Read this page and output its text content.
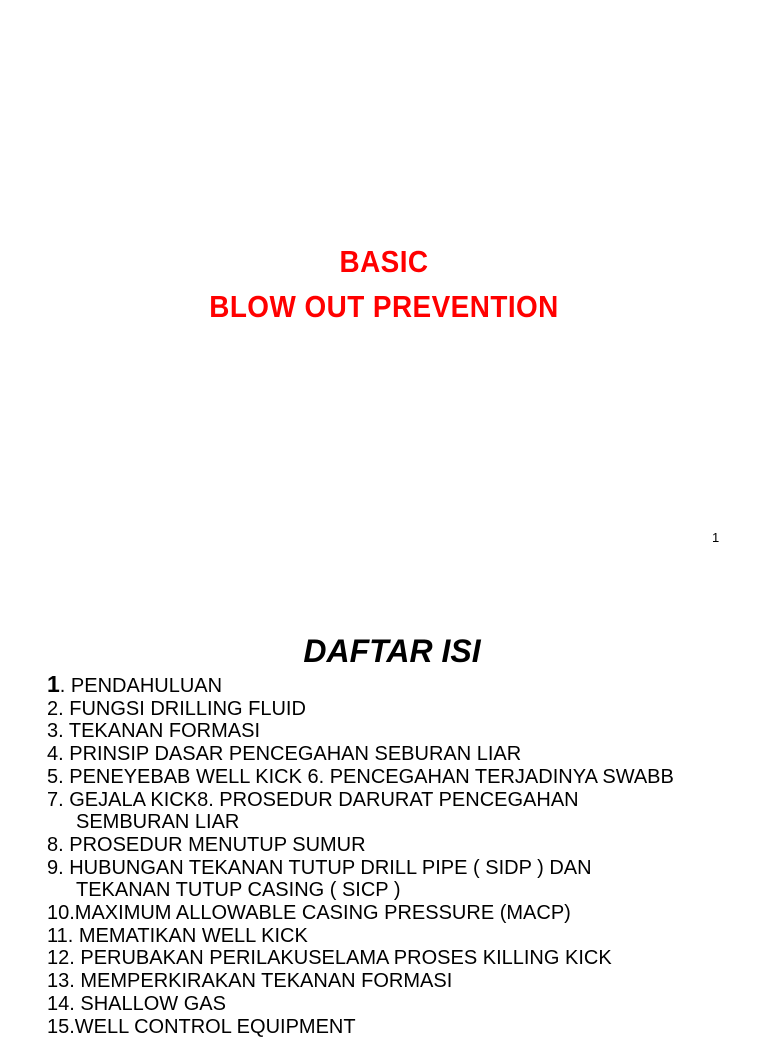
BASIC
BLOW OUT PREVENTION
1
DAFTAR ISI
1. PENDAHULUAN
2. FUNGSI DRILLING FLUID
3. TEKANAN FORMASI
4. PRINSIP DASAR PENCEGAHAN SEBURAN LIAR
5. PENEYEBAB WELL KICK 6. PENCEGAHAN TERJADINYA SWABB
7. GEJALA KICK8. PROSEDUR DARURAT PENCEGAHAN
SEMBURAN LIAR
8. PROSEDUR MENUTUP SUMUR
9. HUBUNGAN TEKANAN TUTUP DRILL PIPE ( SIDP ) DAN
TEKANAN TUTUP CASING ( SICP )
10.MAXIMUM ALLOWABLE CASING PRESSURE (MACP)
11. MEMATIKAN WELL KICK
12. PERUBAKAN PERILAKUSELAMA PROSES KILLING KICK
13. MEMPERKIRAKAN TEKANAN FORMASI
14. SHALLOW GAS
15.WELL CONTROL EQUIPMENT
